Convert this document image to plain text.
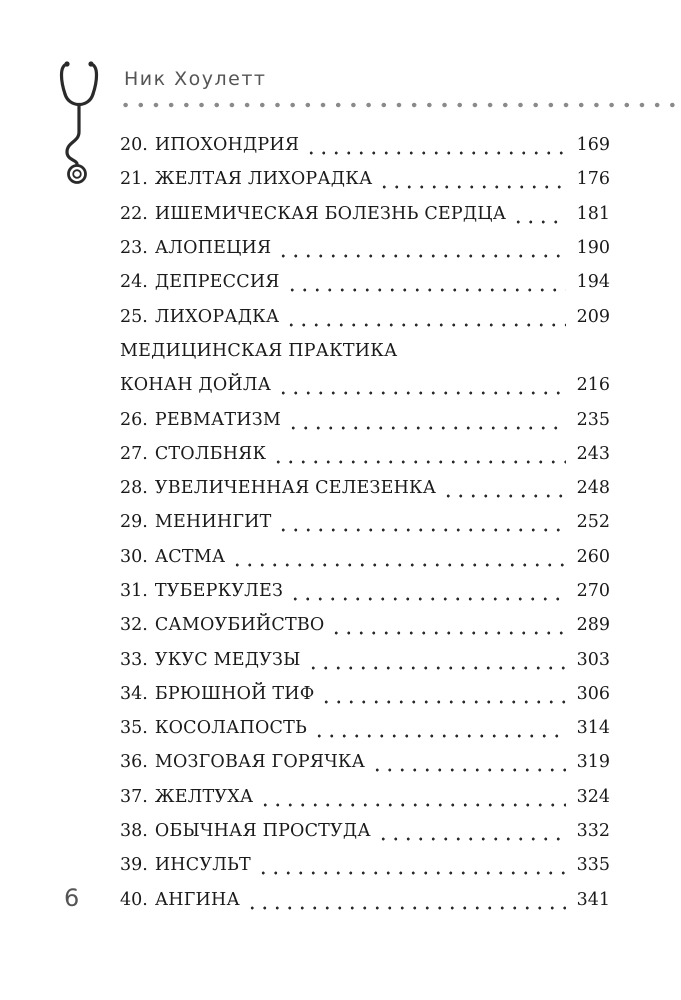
Ник Хоулетт
20. ИПОХОНДРИЯ	169
21. ЖЕЛТАЯ ЛИХОРАДКА	176
22. ИШЕМИЧЕСКАЯ БОЛЕЗНЬ СЕРДЦА	181
23. АЛОПЕЦИЯ	190
24. ДЕПРЕССИЯ	194
25. ЛИХОРАДКА	209
МЕДИЦИНСКАЯ ПРАКТИКА
КОНАН ДОЙЛА	216
26. РЕВМАТИЗМ	235
27. СТОЛБНЯК	243
28. УВЕЛИЧЕННАЯ СЕЛЕЗЕНКА	248
29. МЕНИНГИТ	252
30. АСТМА	260
31. ТУБЕРКУЛЕЗ	270
32. САМОУБИЙСТВО	289
33. УКУС МЕДУЗЫ	303
34. БРЮШНОЙ ТИФ	306
35. КОСОЛАПОСТЬ	314
36. МОЗГОВАЯ ГОРЯЧКА	319
37. ЖЕЛТУХА	324
38. ОБЫЧНАЯ ПРОСТУДА	332
39. ИНСУЛЬТ	335
40. АНГИНА	341
6
